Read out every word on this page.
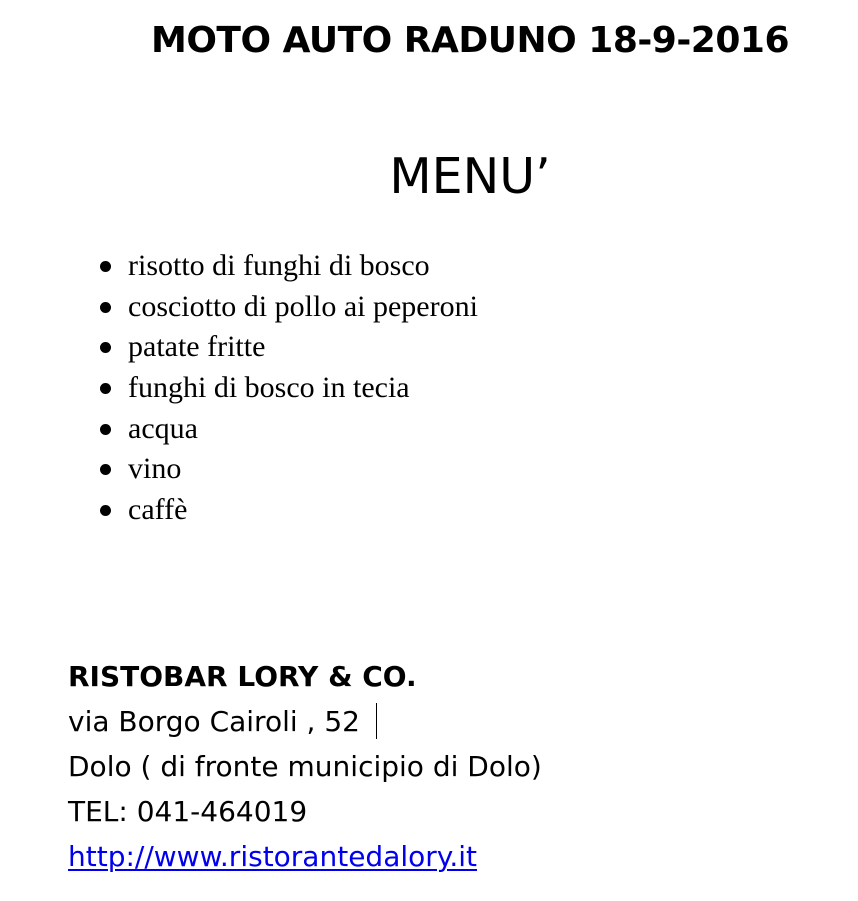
MOTO AUTO RADUNO 18-9-2016
MENU’
risotto di funghi di bosco
cosciotto di pollo ai peperoni
patate fritte
funghi di bosco in tecia
acqua
vino
caffè
RISTOBAR LORY & CO.
via Borgo Cairoli , 52
Dolo ( di fronte municipio di Dolo)
TEL: 041-464019
http://www.ristorantedalory.it
